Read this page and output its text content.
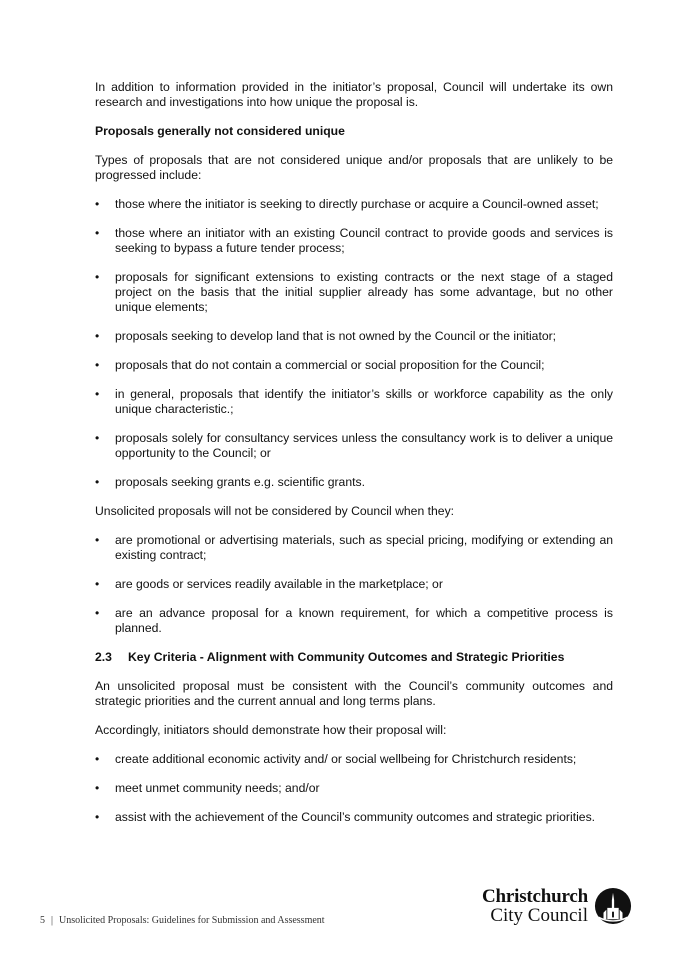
In addition to information provided in the initiator’s proposal, Council will undertake its own research and investigations into how unique the proposal is.

Proposals generally not considered unique

Types of proposals that are not considered unique and/or proposals that are unlikely to be progressed include:

• those where the initiator is seeking to directly purchase or acquire a Council-owned asset;
• those where an initiator with an existing Council contract to provide goods and services is seeking to bypass a future tender process;
• proposals for significant extensions to existing contracts or the next stage of a staged project on the basis that the initial supplier already has some advantage, but no other unique elements;
• proposals seeking to develop land that is not owned by the Council or the initiator;
• proposals that do not contain a commercial or social proposition for the Council;
• in general, proposals that identify the initiator’s skills or workforce capability as the only unique characteristic.;
• proposals solely for consultancy services unless the consultancy work is to deliver a unique opportunity to the Council; or
• proposals seeking grants e.g. scientific grants.

Unsolicited proposals will not be considered by Council when they:

• are promotional or advertising materials, such as special pricing, modifying or extending an existing contract;
• are goods or services readily available in the marketplace; or
• are an advance proposal for a known requirement, for which a competitive process is planned.
2.3 Key Criteria - Alignment with Community Outcomes and Strategic Priorities

An unsolicited proposal must be consistent with the Council’s community outcomes and strategic priorities and the current annual and long terms plans.

Accordingly, initiators should demonstrate how their proposal will:

• create additional economic activity and/ or social wellbeing for Christchurch residents;
• meet unmet community needs; and/or
• assist with the achievement of the Council’s community outcomes and strategic priorities.
5 | Unsolicited Proposals: Guidelines for Submission and Assessment
Christchurch
City Council
